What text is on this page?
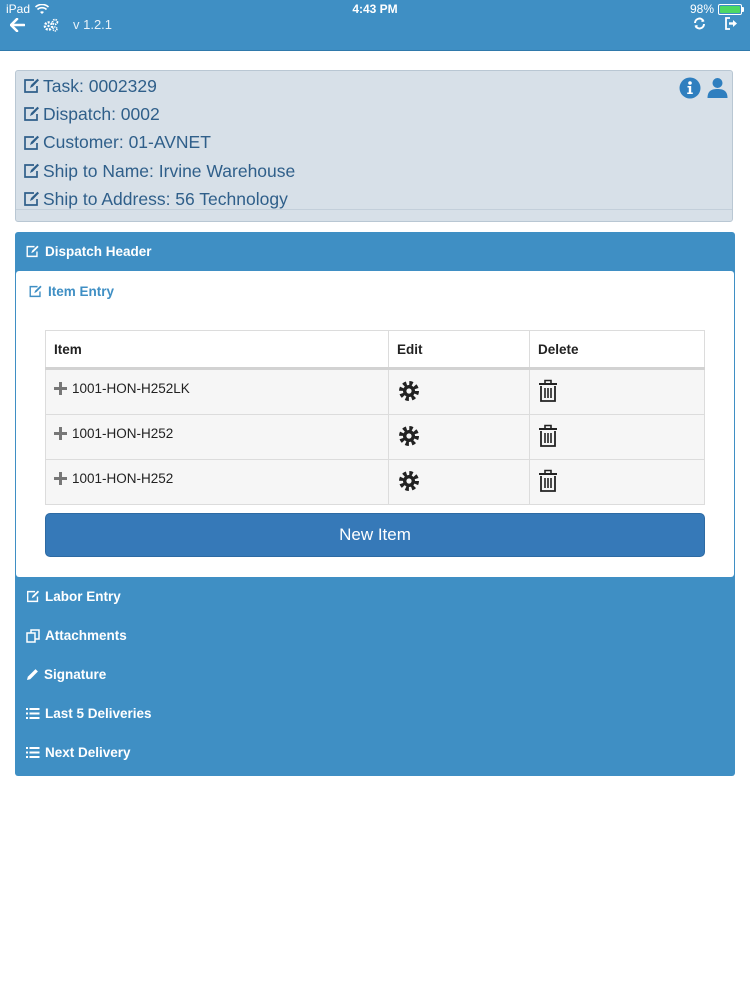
iPad	4:43 PM	98%
v 1.2.1
Task: 0002329
Dispatch: 0002
Customer: 01-AVNET
Ship to Name: Irvine Warehouse
Ship to Address: 56 Technology
Dispatch Header
Item Entry
Item	Edit	Delete

1001-HON-H252LK

1001-HON-H252

1001-HON-H252

New Item
Labor Entry
Attachments
Signature
Last 5 Deliveries
Next Delivery
